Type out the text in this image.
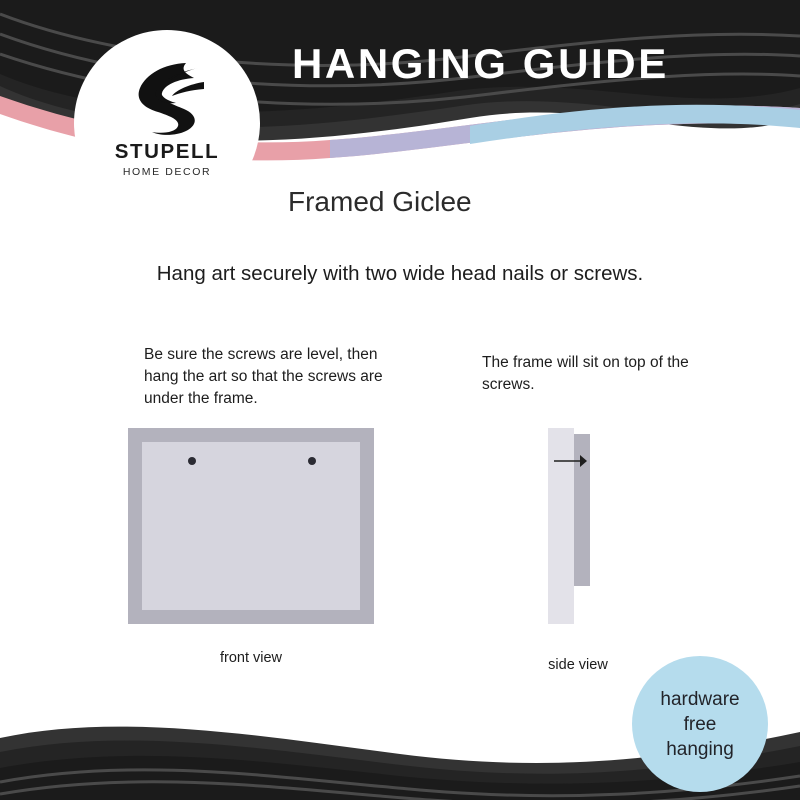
HANGING GUIDE
STUPELL
HOME DECOR
Framed Giclee
Hang art securely with two wide head nails or screws.
Be sure the screws are level, then hang the art so that the screws are under the frame.
The frame will sit on top of the screws.
front view	side view
hardware
free
hanging
